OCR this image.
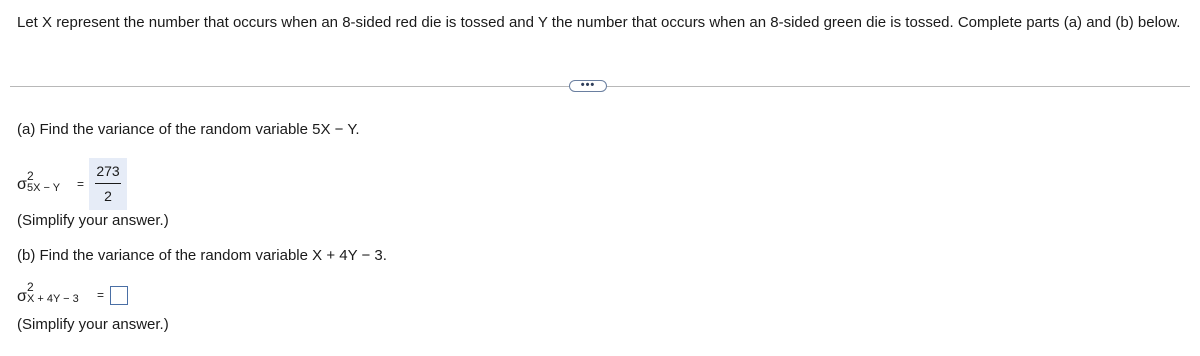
Let X represent the number that occurs when an 8-sided red die is tossed and Y the number that occurs when an 8-sided green die is tossed. Complete parts (a) and (b) below.
•••
(a) Find the variance of the random variable 5X − Y.
σ 2
5X − Y =
273
2
(Simplify your answer.)
(b) Find the variance of the random variable X + 4Y − 3.
σ
2
X + 4Y − 3 =
(Simplify your answer.)
